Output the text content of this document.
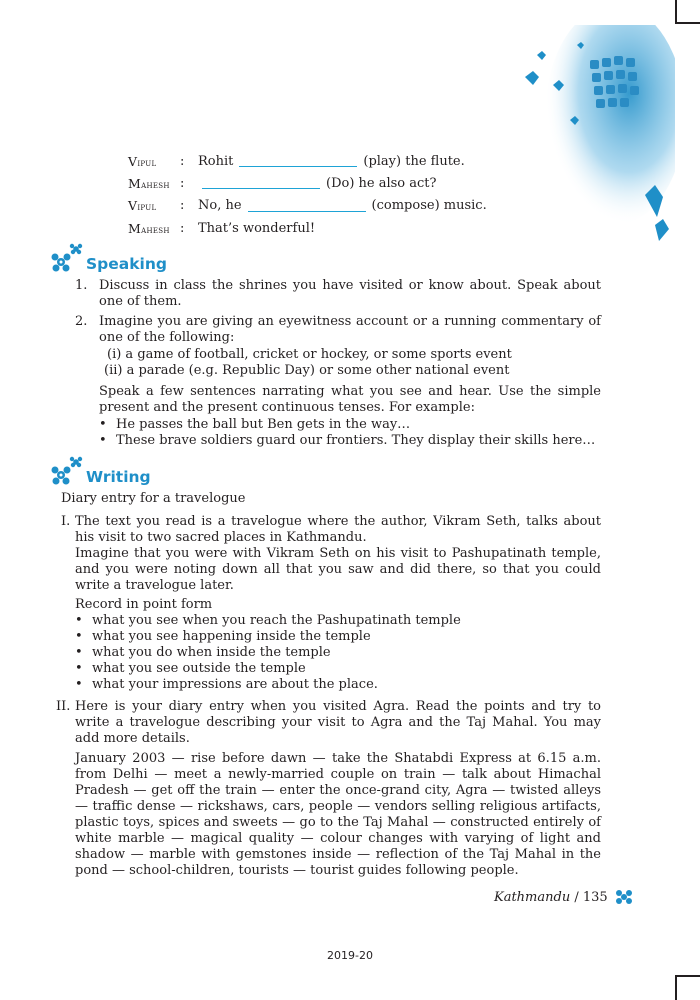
Vipul	:	Rohit	(play) the flute.
Mahesh :	(Do) he also act?
Vipul	:	No, he	(compose) music.
Mahesh :	That’s wonderful!
Speaking
1. Discuss in class the shrines you have visited or know about. Speak about one of them.
2. Imagine you are giving an eyewitness account or a running commentary of one of the following:
(i) a game of football, cricket or hockey, or some sports event
(ii) a parade (e.g. Republic Day) or some other national event
Speak a few sentences narrating what you see and hear. Use the simple present and the present continuous tenses. For example:
• He passes the ball but Ben gets in the way…
• These brave soldiers guard our frontiers. They display their skills here…
Writing
Diary entry for a travelogue
I. The text you read is a travelogue where the author, Vikram Seth, talks about his visit to two sacred places in Kathmandu.
Imagine that you were with Vikram Seth on his visit to Pashupatinath temple, and you were noting down all that you saw and did there, so that you could write a travelogue later.
Record in point form
• what you see when you reach the Pashupatinath temple
• what you see happening inside the temple
• what you do when inside the temple
• what you see outside the temple
• what your impressions are about the place.
II. Here is your diary entry when you visited Agra. Read the points and try to write a travelogue describing your visit to Agra and the Taj Mahal. You may add more details.
January 2003 — rise before dawn — take the Shatabdi Express at 6.15 a.m. from Delhi — meet a newly-married couple on train — talk about Himachal Pradesh — get off the train — enter the once-grand city, Agra — twisted alleys — traffic dense — rickshaws, cars, people — vendors selling religious artifacts, plastic toys, spices and sweets — go to the Taj Mahal — constructed entirely of white marble — magical quality — colour changes with varying of light and shadow — marble with gemstones inside — reflection of the Taj Mahal in the pond — school-children, tourists — tourist guides following people.
Kathmandu / 135
2019-20
